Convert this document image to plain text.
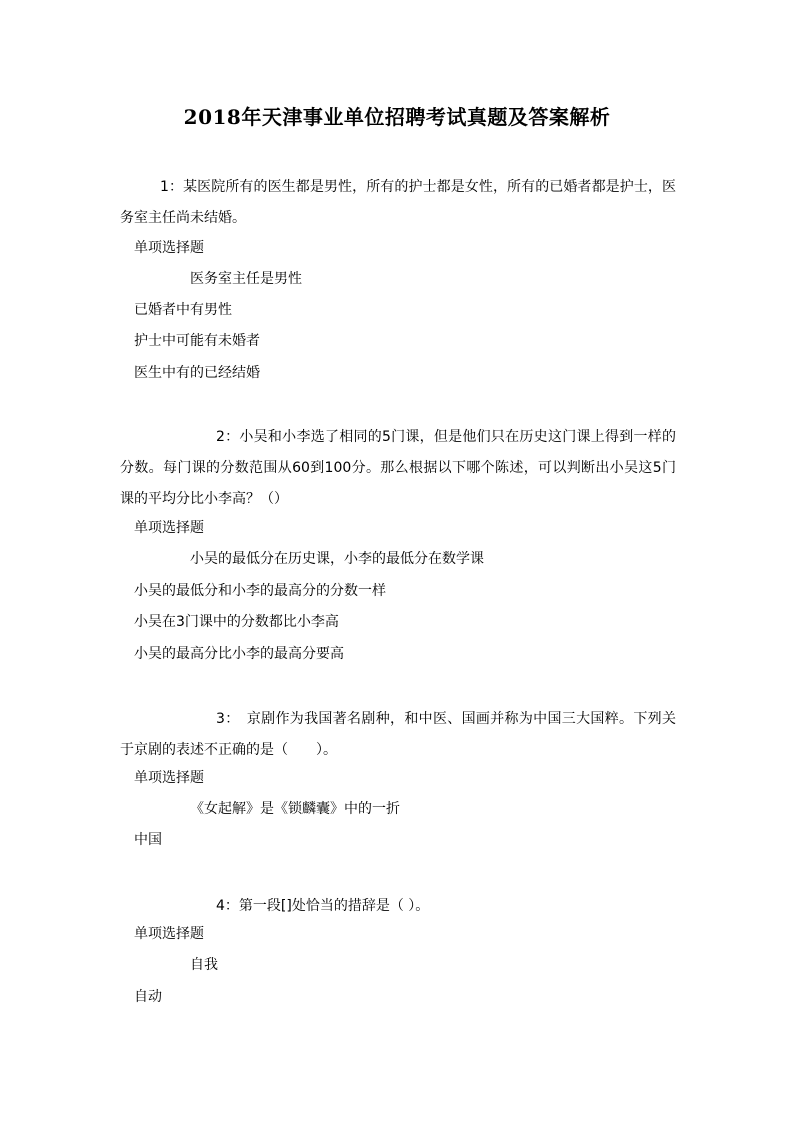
2018年天津事业单位招聘考试真题及答案解析
1：某医院所有的医生都是男性，所有的护士都是女性，所有的已婚者都是护士，医务室主任尚未结婚。
单项选择题
医务室主任是男性
已婚者中有男性
护士中可能有未婚者
医生中有的已经结婚
2：小吴和小李选了相同的5门课，但是他们只在历史这门课上得到一样的分数。每门课的分数范围从60到100分。那么根据以下哪个陈述，可以判断出小吴这5门课的平均分比小李高？（）
单项选择题
小吴的最低分在历史课，小李的最低分在数学课
小吴的最低分和小李的最高分的分数一样
小吴在3门课中的分数都比小李高
小吴的最高分比小李的最高分要高
3：　京剧作为我国著名剧种，和中医、国画并称为中国三大国粹。下列关于京剧的表述不正确的是（　　）。
单项选择题
《女起解》是《锁麟囊》中的一折
中国
4：第一段[]处恰当的措辞是（ ）。
单项选择题
自我
自动
